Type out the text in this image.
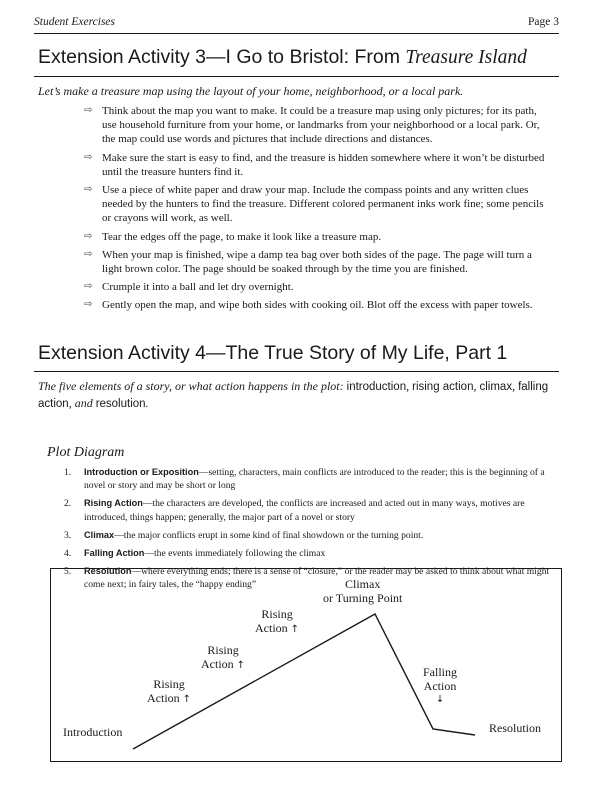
Student Exercises	Page 3
Extension Activity 3—I Go to Bristol: From Treasure Island
Let’s make a treasure map using the layout of your home, neighborhood, or a local park.
⇨ Think about the map you want to make. It could be a treasure map using only pictures; for its path, use household furniture from your home, or landmarks from your neighborhood or a local park. Or, the map could use words and pictures that include directions and distances.
⇨ Make sure the start is easy to find, and the treasure is hidden somewhere where it won’t be disturbed until the treasure hunters find it.
⇨ Use a piece of white paper and draw your map. Include the compass points and any written clues needed by the hunters to find the treasure. Different colored permanent inks work fine; some pencils or crayons will work, as well.
⇨ Tear the edges off the page, to make it look like a treasure map.
⇨ When your map is finished, wipe a damp tea bag over both sides of the page. The page will turn a light brown color. The page should be soaked through by the time you are finished.
⇨ Crumple it into a ball and let dry overnight.
⇨ Gently open the map, and wipe both sides with cooking oil. Blot off the excess with paper towels.
Extension Activity 4—The True Story of My Life, Part 1
The five elements of a story, or what action happens in the plot: introduction, rising action, climax, falling action, and resolution.
Plot Diagram
1. Introduction or Exposition—setting, characters, main conflicts are introduced to the reader; this is the beginning of a novel or story and may be short or long
2. Rising Action—the characters are developed, the conflicts are increased and acted out in many ways, motives are introduced, things happen; generally, the major part of a novel or story
3. Climax—the major conflicts erupt in some kind of final showdown or the turning point.
4. Falling Action—the events immediately following the climax
5. Resolution—where everything ends; there is a sense of “closure,” or the reader may be asked to think about what might come next; in fairy tales, the “happy ending”
Introduction
Rising
Action ↑
Rising
Action ↑
Rising
Action ↑
Climax
or Turning Point
Falling
Action
↓
Resolution
